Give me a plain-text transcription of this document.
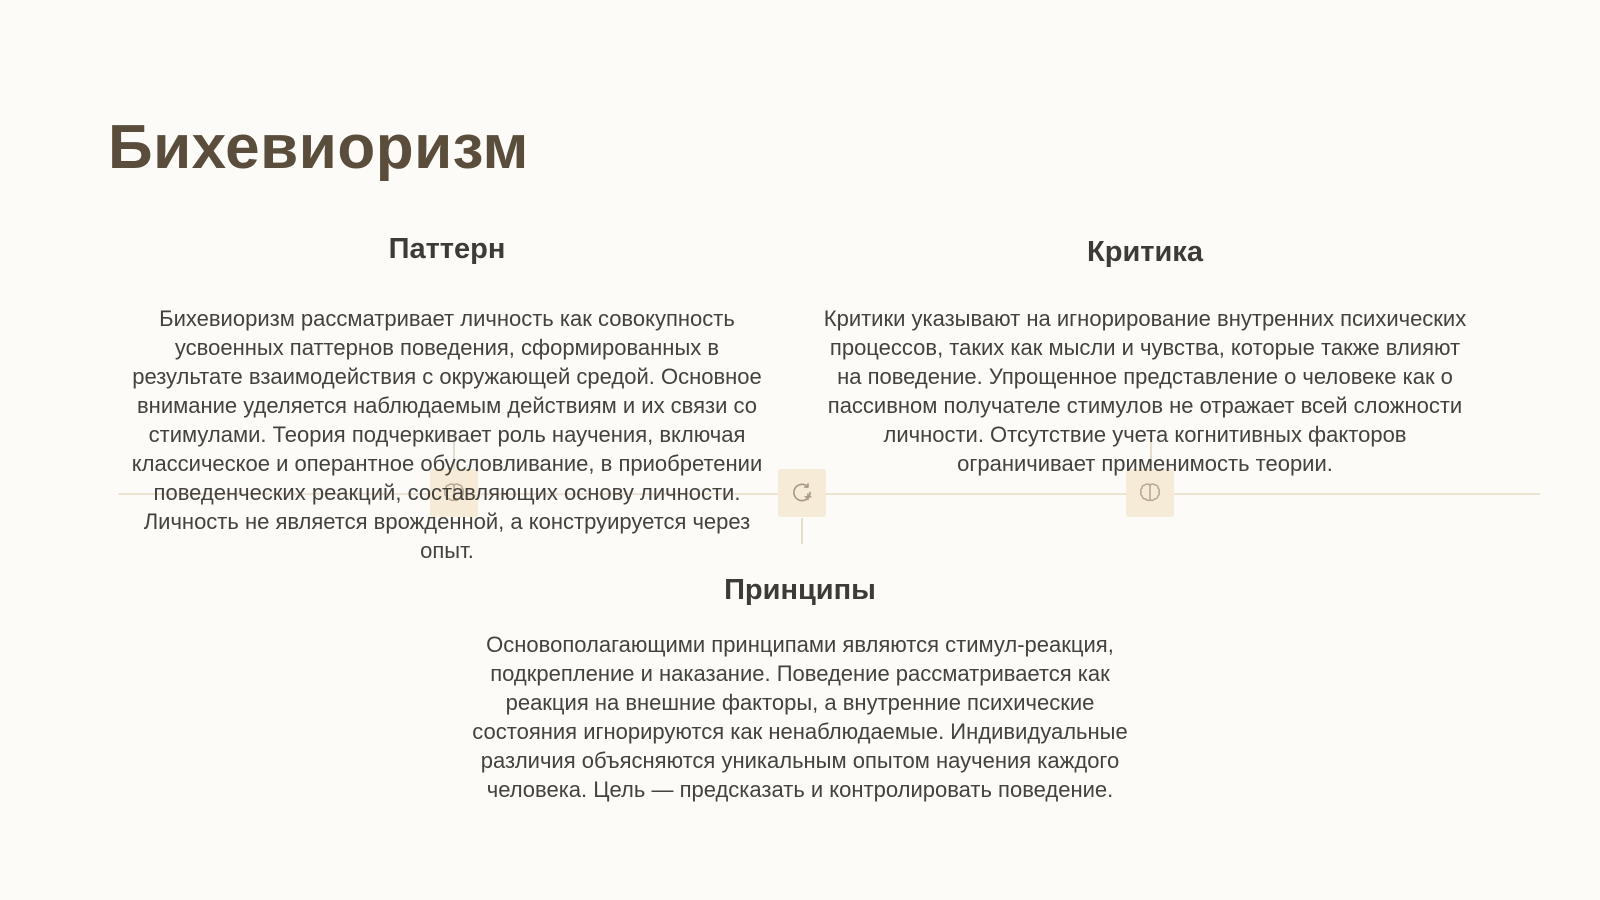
Бихевиоризм
Паттерн

Бихевиоризм рассматривает личность как совокупность усвоенных паттернов поведения, сформированных в результате взаимодействия с окружающей средой. Основное внимание уделяется наблюдаемым действиям и их связи со стимулами. Теория подчеркивает роль научения, включая классическое и оперантное обусловливание, в приобретении поведенческих реакций, составляющих основу личности. Личность не является врожденной, а конструируется через опыт.

Критика

Критики указывают на игнорирование внутренних психических процессов, таких как мысли и чувства, которые также влияют на поведение. Упрощенное представление о человеке как о пассивном получателе стимулов не отражает всей сложности личности. Отсутствие учета когнитивных факторов ограничивает применимость теории.

Принципы

Основополагающими принципами являются стимул-реакция, подкрепление и наказание. Поведение рассматривается как реакция на внешние факторы, а внутренние психические состояния игнорируются как ненаблюдаемые. Индивидуальные различия объясняются уникальным опытом научения каждого человека. Цель — предсказать и контролировать поведение.
